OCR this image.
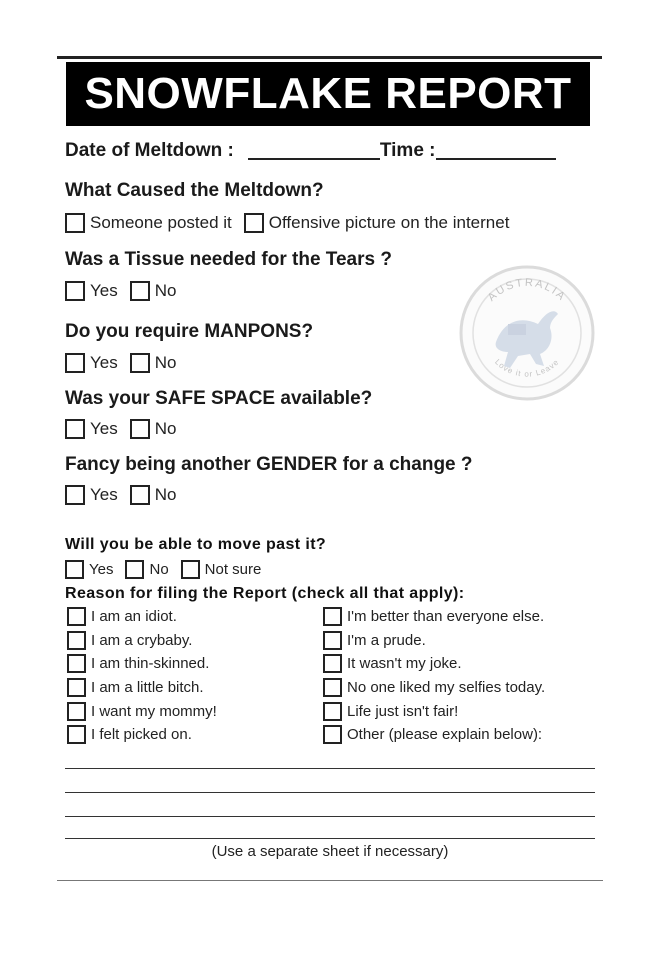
SNOWFLAKE REPORT
Date of Meltdown :	Time :
What Caused the Meltdown?
Someone posted it Offensive picture on the internet
Was a Tissue needed for the Tears ?
Yes No
Do you require MANPONS?
Yes No
Was your SAFE SPACE available?
Yes No
Fancy being another GENDER for a change ?
Yes No
Will you be able to move past it?
Yes No Not sure
Reason for filing the Report (check all that apply):
I am an idiot.
I am a crybaby.
I am thin-skinned.
I am a little bitch.
I want my mommy!
I felt picked on.
I'm better than everyone else.
I'm a prude.
It wasn't my joke.
No one liked my selfies today.
Life just isn't fair!
Other (please explain below):
(Use a separate sheet if necessary)
AUSTRALIA
Love it or Leave
